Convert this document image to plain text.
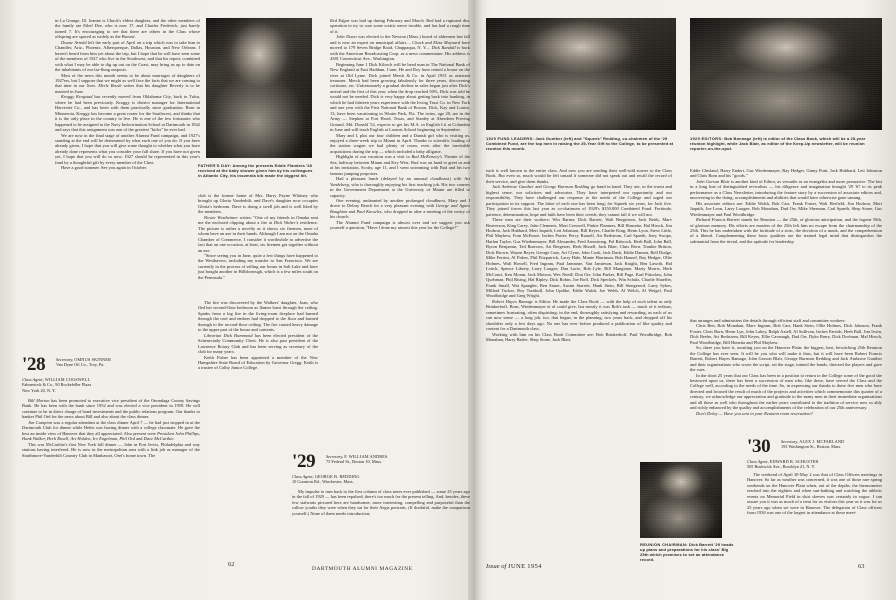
in La Grange, Ill. Jeanne is Chuck's eldest daughter, and the other members of the family are Ethel Dee, who is now 17, and Charles Frederick, just barely turned 7. It's encouraging to see that there are others in the Class whose offspring are spaced as widely as the Brosen'.

Doane Arnold left the early part of April on a trip which was to take him to Chandler, Ariz., Phoenix, Alberquerque, Dallas, Houston, and New Orleans. I haven't heard from him yet about the trip, but I hope that he will have seen some of the members of 1927 who live in the Southwest, and that his report, combined with what I may be able to dig up out on the Coast, may bring us up to date on the inhabitants of our far-flung outposts.

Most of the news this month seems to be about marriages of daughters of 1927ers, but I suppose that we might as well face the facts that we are coming to that time in our lives. Merle Brush writes that his daughter Beverly is to be married in June.

Kroggy Krogstad has recently moved from Oklahoma City, back to Tulsa, where he had been previously. Kroggy is district manager for International Harvester Co., and has been with them practically since graduation. Born in Minnesota, Kroggy has become a great rooter for the Southwest, and thinks that it is the only place in the country to live. He is one of the few fortunates who happened to be assigned to the Navy Indoctrination School at Dartmouth in 1942 and says that this assignment was one of the greatest "kicks" he ever had.

We are now in the final stage of another Alumni Fund campaign, and 1927's standing at the end will be determined by what each one of you do. If you have already given, I hope that you will give some thought to whether what you have already done represents what you consider your full share. If you have not given yet, I hope that you will do so now; 1927 should be represented in this year's fund by a thoughtful gift by every member of the Class.

Have a good summer. See you again in October.

'28 Secretary, OMNUS SKINNER
Van Dyne Oil Co., Troy, Pa.
Class Agent, WILLIAM COGSWELL
Fahnestock & Co., 90 Rockefeller Plaza
New York 20, N. Y.

Bill Morton has been promoted to executive vice president of the Onondaga County Savings Bank. He has been with the bank since 1952 and was elected a vice president in 1958. He will continue to be in direct charge of bond investments and the public relations program. Our thanks to banker Phil Ord for the news about Bill and also about the class dinner.

Jim Cumpion was a regular attendant at the class dinner April 7 — he had just stopped in at the Dartmouth Club for dinner while Helen was having dinner with a college classmate. He gave the best an inside view of Hanover that they all appreciated. Also present were President John Phillips, Hank Walker, Herb Rosell, Art Holden, Irv Engelman, Phil Ord and Dave McCarthie.

This was McCarthie's first New York bill dinner — John in Port Jervis, Philadelphia and way stations having interfered. He is now in the metropolitan area with a link job as manager of the Strathmore-Vanderbilt Country Club in Manhasset, Orei's home town. The

Red Edgar was laid up during February and March. Red had a ruptured disc operation to try to cure some sciatic nerve trouble, and has had a rough time of it.

John Nixon was elected to the Newton (Mass.) board of aldermen last fall and is now an expert on municipal affairs.... Chuck and Eliza Maynard have moved to 179 Seven Bridge Road, Chappaqua, N. Y.... Dick Randall is back with the American Broadcasting Corp. as a news commentator. His address is 4381 Connecticut Ave., Washington.

Beginning June 1 Dick Kilroch will be head man in The National Bank of New England at East Haddam, Conn. He and Roy have rented a house on the river at Old Lyme. Dick joined Merck & Co. in April 1951 as assistant treasurer. Merck had been growing fabulously for three years, discovering cortisone, etc. Unfortunately a gradual decline in sales began just after Dick's arrival and the first of this year, when the drop reached 50%, Dick was told he would not be needed. Dick is very happy about getting back into banking, in which he had thirteen years experience with the Irving Trust Co. in New York and one year with the First National Bank of Boston. Dick, Kay and Louise, 13, have been vacationing in Winter Park, Fla. The twins, age 20, are in the Army — Stephen at Fort Hood, Texas, and Stanley at Aberdeen Proving Ground, Md. Donald '52, expects to get his M.A. in English Lit at Columbia in June and will teach English at Loomis School beginning in September.

Mary and I, plus our four children and a Danish girl who is visiting us, enjoyed a three-week trip to Miami in April. Thanks to scientific loading of the station wagon we had plenty of room, even after the inevitable acquisitions during the trip — which included a baby alligator.

Highlight of our vacation was a visit to Bud McKenney's Theatre of the Sea, halfway between Miami and Key West. Bud was on hand to greet us and at his invitation, Scotty, age 11, and I went swimming with Bud and his two famous jumping porpoises.

Had a pleasant lunch (delayed by an unusual cloudburst) with Art Vandeberg, who is thoroughly enjoying his first teaching job. His two courses in the Government Department at the University of Miami are filled to capacity.

One evening, undaunted by another prolonged cloudburst, Mary and I drove to Delray Beach for a very pleasant evening with George and Agnes Boughton and Paul Knowles, who dropped in after a meeting of the vestry of his church.

The Alumni Fund campaign is almost over and we suggest you ask yourself a question, "Have I done my utmost this year for the College?"

'29 Secretary, F. WILLIAM ANDRES
75 Federal St., Boston 10, Mass.
Class Agent, GEORGE B. REDDING
10 Cranston Rd., Winchester, Mass.

My impulse to turn back to the first column of class notes ever published — some 25 years ago in the fall of 1929 — has been repulsed; there's too much for the present telling. And, besides, these few stalwarts pictured here are handsomer, more interesting, compelling and purposeful than the callow youths they were when they sat for their Aegis portraits. (If doubtful, make the comparison yourself.) None of them needs introduction;

FATHER'S DAY: Among the presents Eddie Flanders '28 received at the baby shower given him by his colleagues in Atlantic City, his insomnia bib made the biggest hit.

club is the former home of Mrs. Harry Payne Whitney who brought up Gloria Vanderbilt, and Dave's daughter now occupies Gloria's bedroom. Dave is doing a swell job and is well liked by the members.

Howie Westheimer writes: "One of my friends in Omaha sent me the enclosed clipping about a fire at Dick Walter's residence. The picture is rather a novelty as it shows six firemen, none of whom have an axe in their hands. Although I am not on the Omaha Chamber of Commerce, I consider it worthwhile to advertise the fact that on one occasion, at least, six firemen got together without an axe.

"Since seeing you in June, quite a few things have happened to the Westhavers, including my transfer to San Francisco. We are currently in the process of selling our house in Salt Lake and have just bought another in Hillsborough, which is a few miles south on the Peninsula."

The fire was discovered by the Walkers' daughter, Joan, who fled her second-floor bedroom as flames burst through the ceiling. Sparks from a log fire in the living-room fireplace had burned through the roof and embers had dropped to the floor and burned through to the second-floor ceiling. The fire caused heavy damage to the upper part of the house and contents.

Librarian Dick Hammond has been elected president of the Schenectady Community Chest. He is also past president of the Lawrence Rotary Club and has been serving as secretary of the club for many years.

Keith Fisher has been appointed a member of the New Hampshire State Board of Education by Governor Gregg. Keith is a trustee of Colby Junior College.

62
DARTMOUTH ALUMNI MAGAZINE
1929 FUND LEADERS: Jack Gunther (left) and "Squeek" Redding, co-chairmen of the '29 Combined Fund, are the top men in raising the 25-Year Gift to the College, to be presented at reunion this month.
1929 EDITORS: Bob Bonnage (left) is editor of the Class Book, which will be a 25-year reunion highlight, while Jack Blair, as editor of the Keep-Up newsletter, will be reunion reporter-on-the-spot.

each is well known to the entire class. And now you are sending their well-told stories to the Class Book. But even so, much would be left unsaid if someone did not speak out and recall the record of their service, and give them thanks.

Jack Ambrose Gunther and George Burnson Redding go hand in hand. They are, in the truest and highest sense, our solicitors and advocates. They have interpreted our opportunity and our responsibility. They have challenged our response to the needs of the College and urged our participation in its support. The labor of each one has been long; for Squeek six years, for Jack five. They joined forces this last year as co-chairmen of 1929's $150,000 Combined Fund. Fortitude, patience, determination, hope and faith have been their creeds; they cannot fail if we will not.

These men are their workers: Win Barner, Dick Barrett, Walt Bergstrom, Jack Beith, Marv Beaverson, King Carey, John Clements, Mort Creswell, Pinkie Flanners, Bill Honsette, Hal Hirsch, Jim Hodson, Jack Hubbard, Meri Jaquith, Lett Johnston, Bill Keyes, Charlie King, Herm Lyon, Steve Little, Phil Mayhew, Fran McEnroe, Inches Porter, Percy Russell, Art Redstrom, Carl Spaeth, Jerry Swope, Harlan Taylor, Gus Wiedenmayer, Bill Alexander, Fred Armstrong, Pal Babcock, Herb Ball, John Ball, Byron Benjamin, Ted Burrows, Art Bergeron, Herb Bissell, Jack Blair, Chris Born, Trankie Britton, Dick Brown, Wayne Beyer, George Case, Art Clyne, John Cook, Jack Dack, Eddie Damon, Bell Dodge, Mike Ferrini, Al Fisher, Phil Fitzpatrick, Larry Hale, Munte Harriman, Bob Haunel, Ray Hedger, Ollie Holmes, Walt Howell, Fred Ingram, Paul Jamnone, Van Jamieson, Jack Knight, Ben Lawrih, Hal Leitch, Spence Liberty, Larry Lougee, Dan Lurie, Bob Lyle, Bill Mangione, Marty Morris, Herb McCourt, Ken Moran, Jack Moison, Wes Needl, Don Orr, John Parker, Bill Page, Karl Pittsclaw, John Quehman, Phil Rising, Hal Ripley, Dick Robin, Joe Roff, Dick Speckels, Win Schulz, Charlie Shaeffer, Frank Small, Wat Spangler, Ben Starer, Austin Starrett, Hank Stein, Bill Stengerord, Larry Sykes, Millard Tucker, Roy Turnbull, John Updike, Eddie Walsh, Joe Webb, Al Welch, Al Weigel, Paul Woodbridge and Greg Wright.

Robert Hayes Ramage is Editor. He made the Class Book — with the help of such talent as only Brinkerhoff, Born, Wiedenmayer et al could give, but mostly it was Bob's task — much of it tedious, sometimes frustrating, often dispiriting; in the end, thoroughly satisfying and rewarding, as each of us can now sense — a long job, too, that began, in the planning, two years back, and dropped off his shoulders only a few days ago. No one has ever before produced a publication of like quality and content for a Dartmouth class.

Working with him on his Class Book Committee are: Bob Brinkerhoff, Paul Woodbridge, Bob Monahan, Harry Bashe, Shep Stone, Jack Blair,

Eddie Chisland, Harry Endert, Gus Wiedenmayer, Ray Hedger, Ginny Pratt, Jack Hubbard, Lett Johnston and Chris Born and his "goods."

John Gorson Blair is another kind of Editor, as versatile as an evangelist and more persuasive. The last in a long line of distinguished revivalists — his diligence and imagination brought '29 '67 to its peak performance as a Class Newsletter, introducing the feature story by a succession of associate editors and, uncovering in the doing, accomplishments and abilities that would have otherwise gone unsung.

His associate editors are: Eddie Walsh, Bob Carr, Frank Foster, Walt Herfield, Jim Hodson, Mort Jaquith, Joe Leon, Larry Lougee, Bob Monahan, Dud Orr, Mike Sherman, Carl Spaeth, Shep Stone, Gus Wiedenmayer and Paul Woodbridge.

Richard Francis Barrett stands for Reunion — the 25th, of glorious anticipation, and the logone 50th, of glorious memory. His efforts are masters of the 25th left him no escape from the chairmanship of the 25th. This he has undertaken with the fortitude of a stoic, the devotion of a monk, and the comprehension of a liberal. Complementing these basic qualities are the trained legal mind that distinguishes the substantial from the trivial, and the aptitude for leadership

that arranges and administers the details through efficient staff and committee workers:

Chris Ben, Bob Monahan, Marv Ingram, Bob Carr, Hank Stein, Ollie Holmes, Dick Johnson, Frank Foster, Chris Born, Herm Lyn, John Lahey, Ralph Axtell, Al Sullivan, Inches Parrish, Herb Ball, Jim Irwin, Dick Beebe, Art Redstrom, Bill Keyes, Ellie Cavanagh, Dud Orr, Dyke Barry, Dick Dorfman, Mal Hirsch, Paul Woodbridge, Bill Honetta and Phil Mayhew.

So, there you have it, awaiting you on the Hanover Plain: the biggest, best, bewitching 25th Reunion the College has ever seen. It will be you who will make it thus, but it will have been Robert Francis Barrett, Robert Hayes Ramage, John Gorson Blair, George Burnson Redding and Jack Ambrose Gunther and their organizations who wrote the script, set the stage, trained the bands, directed the players and gave the cues.

In the short 25 years that our Class has been in a position to return to the College some of the good she bestowed upon us, there has been a succession of men who, like these, have served the Class and the College well, according to the needs of the time. So, in expressing our thanks to these five men who have directed and focused the result of much of the projects and activities which commemorate this quarter of a century, we acknowledge our appreciation and gratitude to the many men in their immediate organizations and all these as well who throughout the earlier years contributed to the tradition of service now so ably and richly enhanced by the quality and accomplishments of the celebration of our 25th anniversary.

Don't Delay — Have you sent in your Reunion room reservation?

'30 Secretary, ALEX J. MCFARLAND
193 Washington St., Boston, Mass.
Class Agent, EDWARD R. SCHUSTER
505 Bushwick Ave., Brooklyn 21, N. Y.

The weekend of April 30-May 2 was that of Class Officers meetings in Hanover. So far as weather was concerned, it was one of those rare spring weekends on the Hanover Plain when, out of the depths, the thermometer reached into the eighties and when sun-bathing and watching the athletic events on Memorial Field in shirt sleeves was certainly in vogue. I can assure you it was as much of a treat for us visitors this year as it was for us 25 years ago when we were in Hanover. The delegation of Class officers from 1930 was one of the largest in attendance at these meet-

REUNION CHAIRMAN: Dick Barrett '29 heads up plans and preparations for his class' Big 25th which promises to set an attendance record.
Issue of JUNE 1954	63
